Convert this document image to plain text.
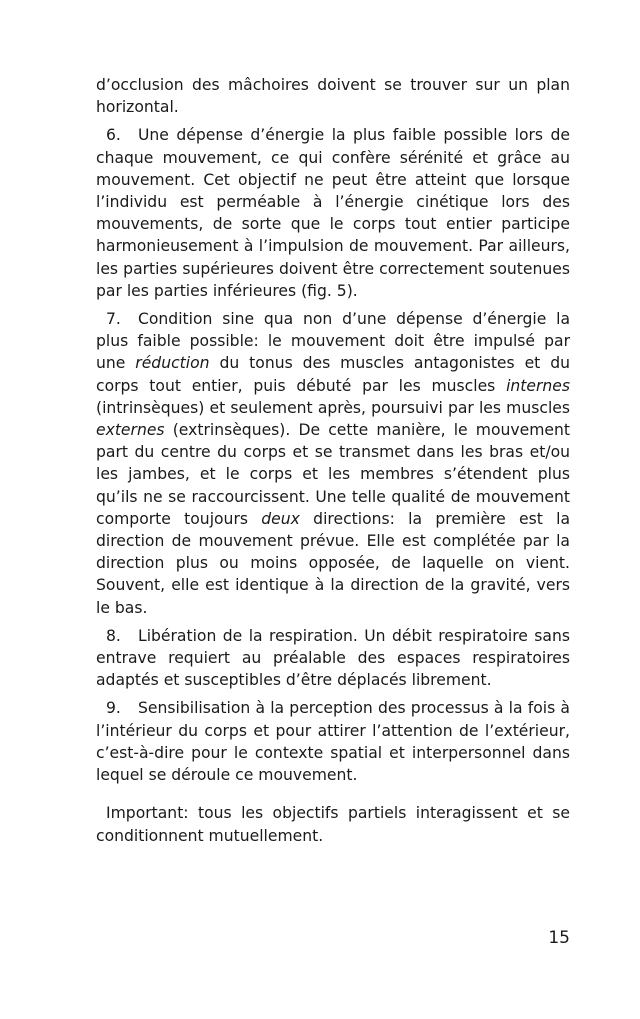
d’occlusion des mâchoires doivent se trouver sur un plan horizontal.

6. Une dépense d’énergie la plus faible possible lors de chaque mouvement, ce qui confère sérénité et grâce au mouvement. Cet objectif ne peut être atteint que lorsque l’individu est perméable à l’énergie cinétique lors des mouvements, de sorte que le corps tout entier participe harmonieusement à l’impulsion de mouvement. Par ailleurs, les parties supérieures doivent être correctement soutenues par les parties inférieures (fig. 5).

7. Condition sine qua non d’une dépense d’énergie la plus faible possible: le mouvement doit être impulsé par une réduction du tonus des muscles antagonistes et du corps tout entier, puis débuté par les muscles internes (intrinsèques) et seulement après, poursuivi par les muscles externes (extrinsèques). De cette manière, le mouvement part du centre du corps et se transmet dans les bras et/ou les jambes, et le corps et les membres s’étendent plus qu’ils ne se raccourcissent. Une telle qualité de mouvement comporte toujours deux directions: la première est la direction de mouvement prévue. Elle est complétée par la direction plus ou moins opposée, de laquelle on vient. Souvent, elle est identique à la direction de la gravité, vers le bas.

8. Libération de la respiration. Un débit respiratoire sans entrave requiert au préalable des espaces respiratoires adaptés et susceptibles d’être déplacés librement.

9. Sensibilisation à la perception des processus à la fois à l’intérieur du corps et pour attirer l’attention de l’extérieur, c’est-à-dire pour le contexte spatial et interpersonnel dans lequel se déroule ce mouvement.

Important: tous les objectifs partiels interagissent et se conditionnent mutuellement.

15
